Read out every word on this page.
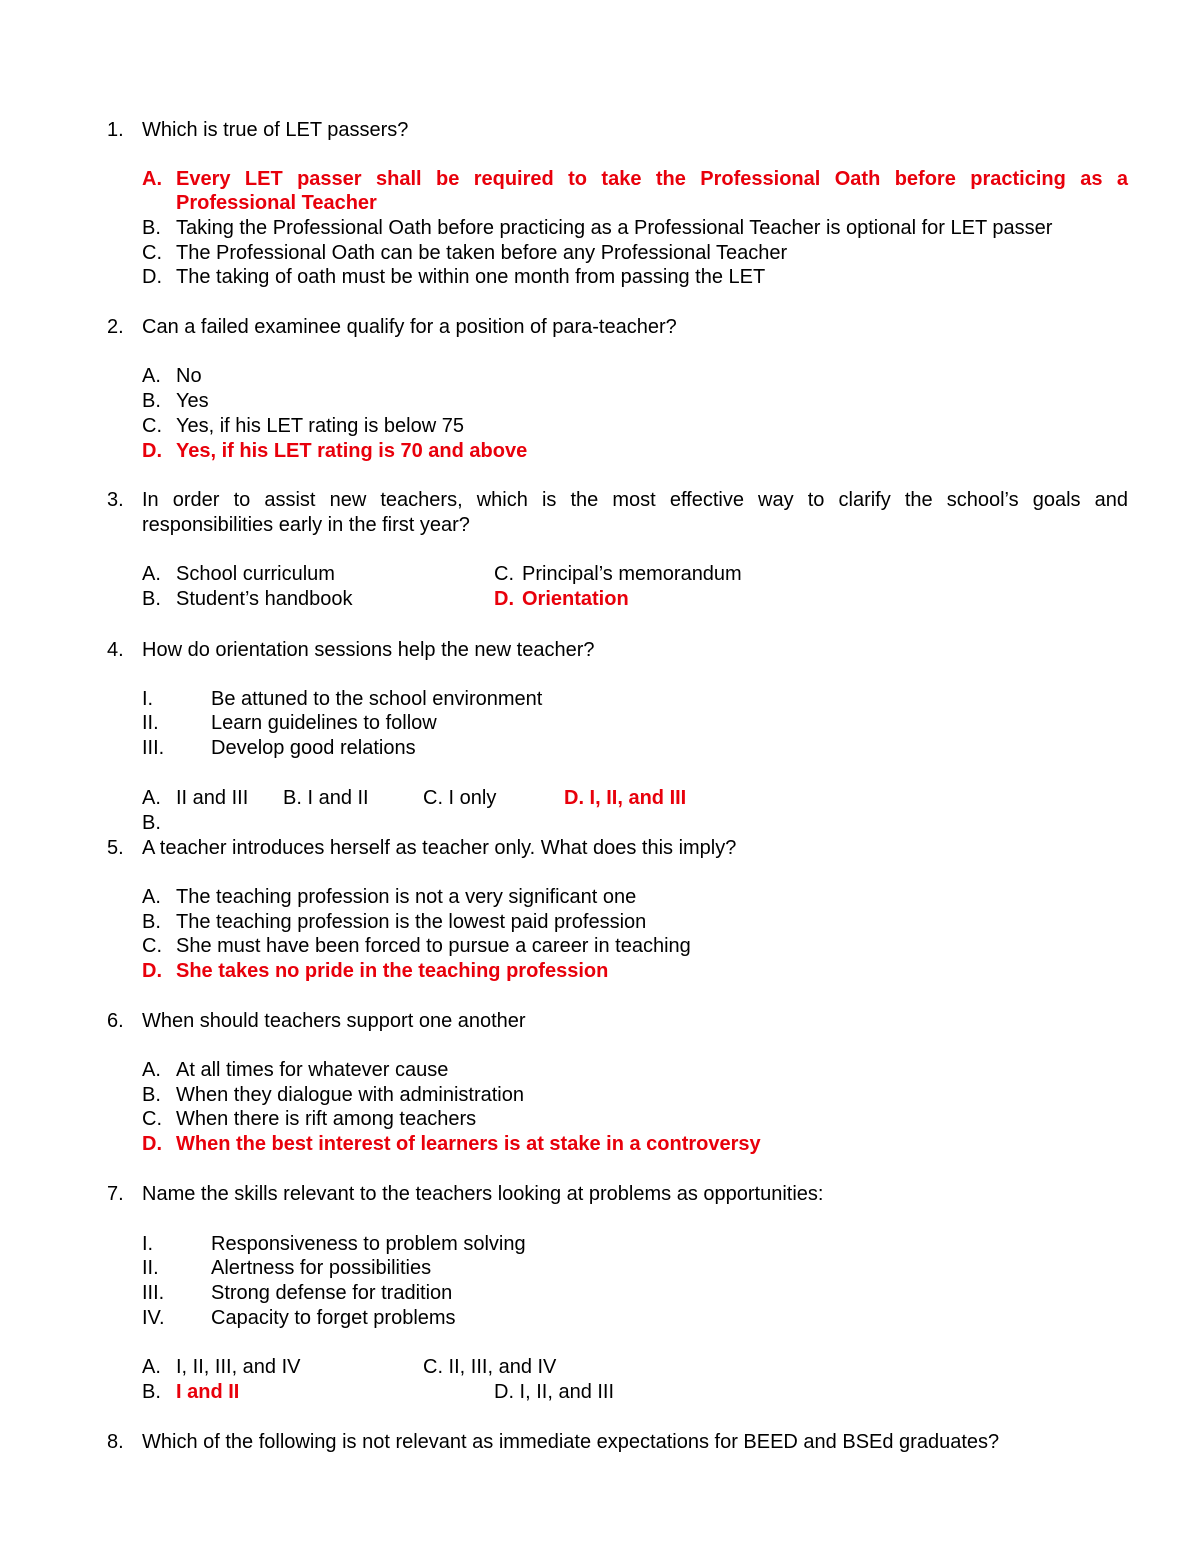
1. Which is true of LET passers?
A. Every LET passer shall be required to take the Professional Oath before practicing as a
Professional Teacher
B. Taking the Professional Oath before practicing as a Professional Teacher is optional for LET passer
C. The Professional Oath can be taken before any Professional Teacher
D. The taking of oath must be within one month from passing the LET
2. Can a failed examinee qualify for a position of para-teacher?
A. No
B. Yes
C. Yes, if his LET rating is below 75
D. Yes, if his LET rating is 70 and above
3. In order to assist new teachers, which is the most effective way to clarify the school’s goals and
responsibilities early in the first year?
A. School curriculum	C. Principal’s memorandum
B. Student’s handbook	D. Orientation
4. How do orientation sessions help the new teacher?
I.	Be attuned to the school environment
II.	Learn guidelines to follow
III. Develop good relations
A. II and III B. I and II	C. I only	D. I, II, and III
B.
5. A teacher introduces herself as teacher only. What does this imply?
A. The teaching profession is not a very significant one
B. The teaching profession is the lowest paid profession
C. She must have been forced to pursue a career in teaching
D. She takes no pride in the teaching profession
6. When should teachers support one another
A. At all times for whatever cause
B. When they dialogue with administration
C. When there is rift among teachers
D. When the best interest of learners is at stake in a controversy
7. Name the skills relevant to the teachers looking at problems as opportunities:
I.	Responsiveness to problem solving
II.	Alertness for possibilities
III. Strong defense for tradition
IV. Capacity to forget problems
A. I, II, III, and IV	C. II, III, and IV
B. I and II	D. I, II, and III
8. Which of the following is not relevant as immediate expectations for BEED and BSEd graduates?
